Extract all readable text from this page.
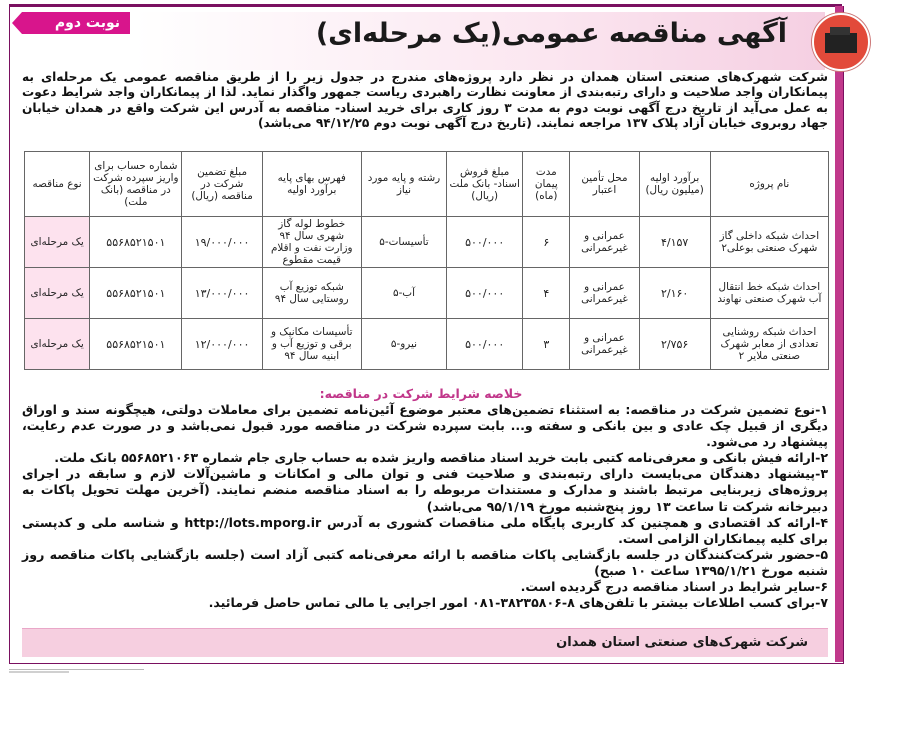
نوبت دوم	آگهی مناقصه عمومی(یک مرحله‌ای)
شرکت شهرک‌های صنعتی استان همدان در نظر دارد پروژه‌های مندرج در جدول زیر را از طریق مناقصه عمومی یک مرحله‌ای به پیمانکاران واجد صلاحیت و دارای رتبه‌بندی از معاونت نظارت راهبردی ریاست جمهور واگذار نماید. لذا از پیمانکاران واجد شرایط دعوت به عمل می‌آید از تاریخ درج آگهی نوبت دوم به مدت ۳ روز کاری برای خرید اسناد- مناقصه به آدرس این شرکت واقع در همدان خیابان جهاد روبروی خیابان آزاد پلاک ۱۳۷ مراجعه نمایند. (تاریخ درج آگهی نوبت دوم ۹۴/۱۲/۲۵ می‌باشد)
نام پروژه	برآورد اولیه (میلیون ریال)	محل تأمین اعتبار	مدت پیمان (ماه)	مبلغ فروش اسناد- بانک ملت (ریال)	رشته و پایه مورد نیاز	فهرس بهای پایه برآورد اولیه	مبلغ تضمین شرکت در مناقصه (ریال)	شماره حساب برای واریز سپرده شرکت در مناقصه (بانک ملت)	نوع مناقصه
احداث شبکه داخلی گاز شهرک صنعتی بوعلی۲	۴/۱۵۷	عمرانی و غیرعمرانی	۶	۵۰۰/۰۰۰	تأسیسات-۵	خطوط لوله گاز شهری سال ۹۴ وزارت نفت و اقلام قیمت مقطوع	۱۹/۰۰۰/۰۰۰	۵۵۶۸۵۲۱۵۰۱	یک مرحله‌ای
احداث شبکه خط انتقال آب شهرک صنعتی نهاوند	۲/۱۶۰	عمرانی و غیرعمرانی	۴	۵۰۰/۰۰۰	آب-۵	شبکه توزیع آب روستایی سال ۹۴	۱۳/۰۰۰/۰۰۰	۵۵۶۸۵۲۱۵۰۱	یک مرحله‌ای
احداث شبکه روشنایی تعدادی از معابر شهرک صنعتی ملایر ۲	۲/۷۵۶	عمرانی و غیرعمرانی	۳	۵۰۰/۰۰۰	نیرو-۵	تأسیسات مکانیک و برقی و توزیع آب و ابنیه سال ۹۴	۱۲/۰۰۰/۰۰۰	۵۵۶۸۵۲۱۵۰۱	یک مرحله‌ای
خلاصه شرایط شرکت در مناقصه:

۱-نوع تضمین شرکت در مناقصه: به استثناء تضمین‌های معتبر موضوع آئین‌نامه تضمین برای معاملات دولتی، هیچگونه سند و اوراق دیگری از قبیل چک عادی و بین بانکی و سفته و... بابت سپرده شرکت در مناقصه مورد قبول نمی‌باشد و در صورت عدم رعایت، پیشنهاد رد می‌شود.

۲-ارائه فیش بانکی و معرفی‌نامه کتبی بابت خرید اسناد مناقصه واریز شده به حساب جاری جام شماره ۵۵۶۸۵۲۱۰۶۳ بانک ملت.

۳-پیشنهاد دهندگان می‌بایست دارای رتبه‌بندی و صلاحیت فنی و توان مالی و امکانات و ماشین‌آلات لازم و سابقه در اجرای پروژه‌های زیربنایی مرتبط باشند و مدارک و مستندات مربوطه را به اسناد مناقصه منضم نمایند. (آخرین مهلت تحویل پاکات به دبیرخانه شرکت تا ساعت ۱۳ روز پنج‌شنبه مورخ ۹۵/۱/۱۹ می‌باشد)

۴-ارائه کد اقتصادی و همچنین کد کاربری پایگاه ملی مناقصات کشوری به آدرس http://lots.mporg.ir و شناسه ملی و کدپستی برای کلیه پیمانکاران الزامی است.

۵-حضور شرکت‌کنندگان در جلسه بازگشایی پاکات مناقصه با ارائه معرفی‌نامه کتبی آزاد است (جلسه بازگشایی پاکات مناقصه روز شنبه مورخ ۱۳۹۵/۱/۲۱ ساعت ۱۰ صبح)

۶-سایر شرایط در اسناد مناقصه درج گردیده است.

۷-برای کسب اطلاعات بیشتر با تلفن‌های ۸-۳۸۲۳۵۸۰۶-۰۸۱ امور اجرایی یا مالی تماس حاصل فرمائید.

شرکت شهرک‌های صنعتی استان همدان
